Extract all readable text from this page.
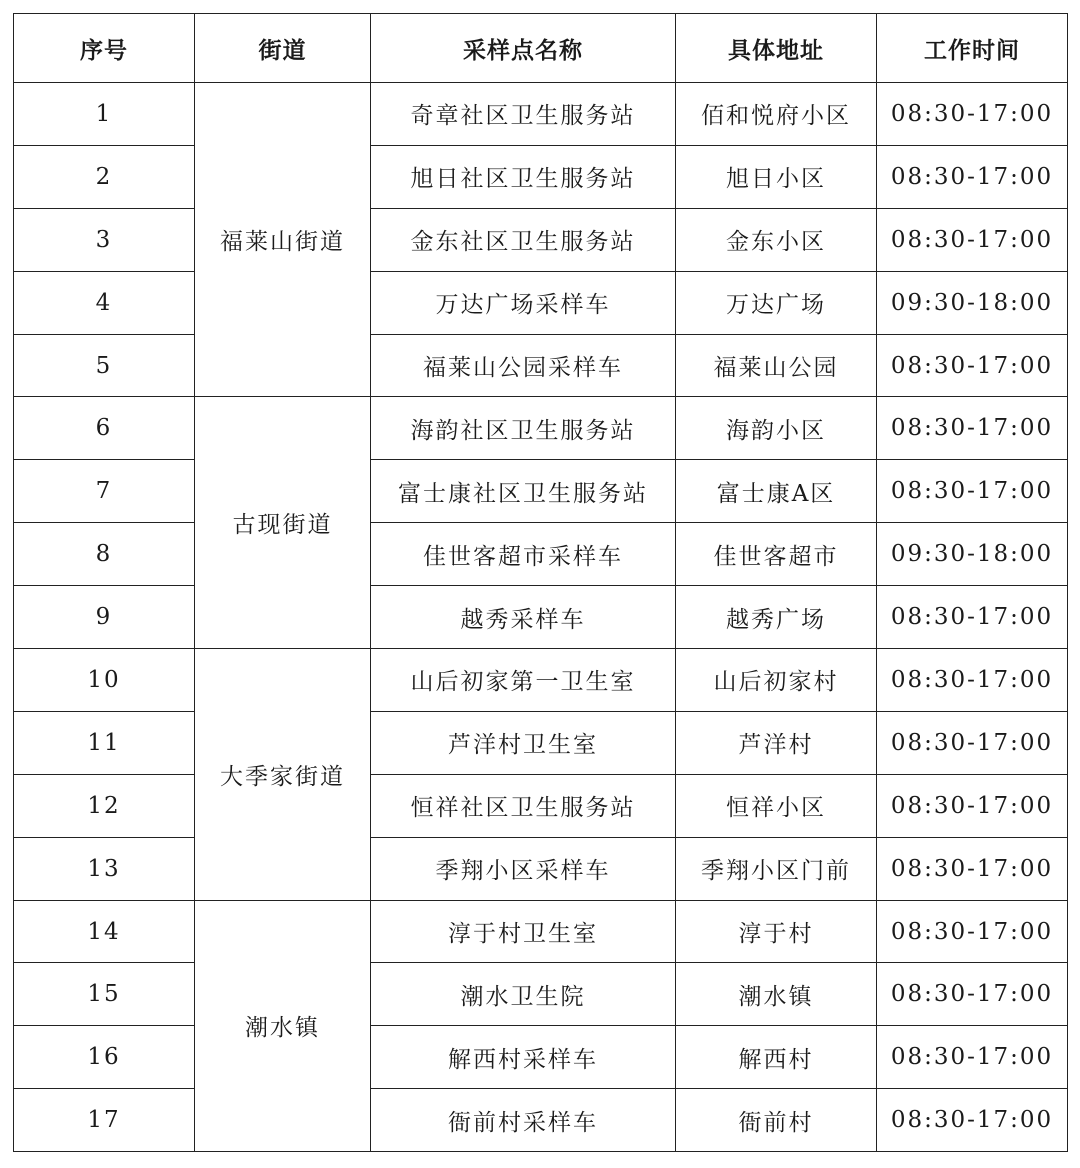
序号	街道	采样点名称	具体地址	工作时间
1	福莱山街道	奇章社区卫生服务站	佰和悦府小区	08:30-17:00
2		旭日社区卫生服务站	旭日小区	08:30-17:00
3		金东社区卫生服务站	金东小区	08:30-17:00
4		万达广场采样车	万达广场	09:30-18:00
5		福莱山公园采样车	福莱山公园	08:30-17:00
6	古现街道	海韵社区卫生服务站	海韵小区	08:30-17:00
7		富士康社区卫生服务站	富士康A区	08:30-17:00
8		佳世客超市采样车	佳世客超市	09:30-18:00
9		越秀采样车	越秀广场	08:30-17:00
10	大季家街道	山后初家第一卫生室	山后初家村	08:30-17:00
11		芦洋村卫生室	芦洋村	08:30-17:00
12		恒祥社区卫生服务站	恒祥小区	08:30-17:00
13		季翔小区采样车	季翔小区门前	08:30-17:00
14	潮水镇	淳于村卫生室	淳于村	08:30-17:00
15		潮水卫生院	潮水镇	08:30-17:00
16		解西村采样车	解西村	08:30-17:00
17		衙前村采样车	衙前村	08:30-17:00
